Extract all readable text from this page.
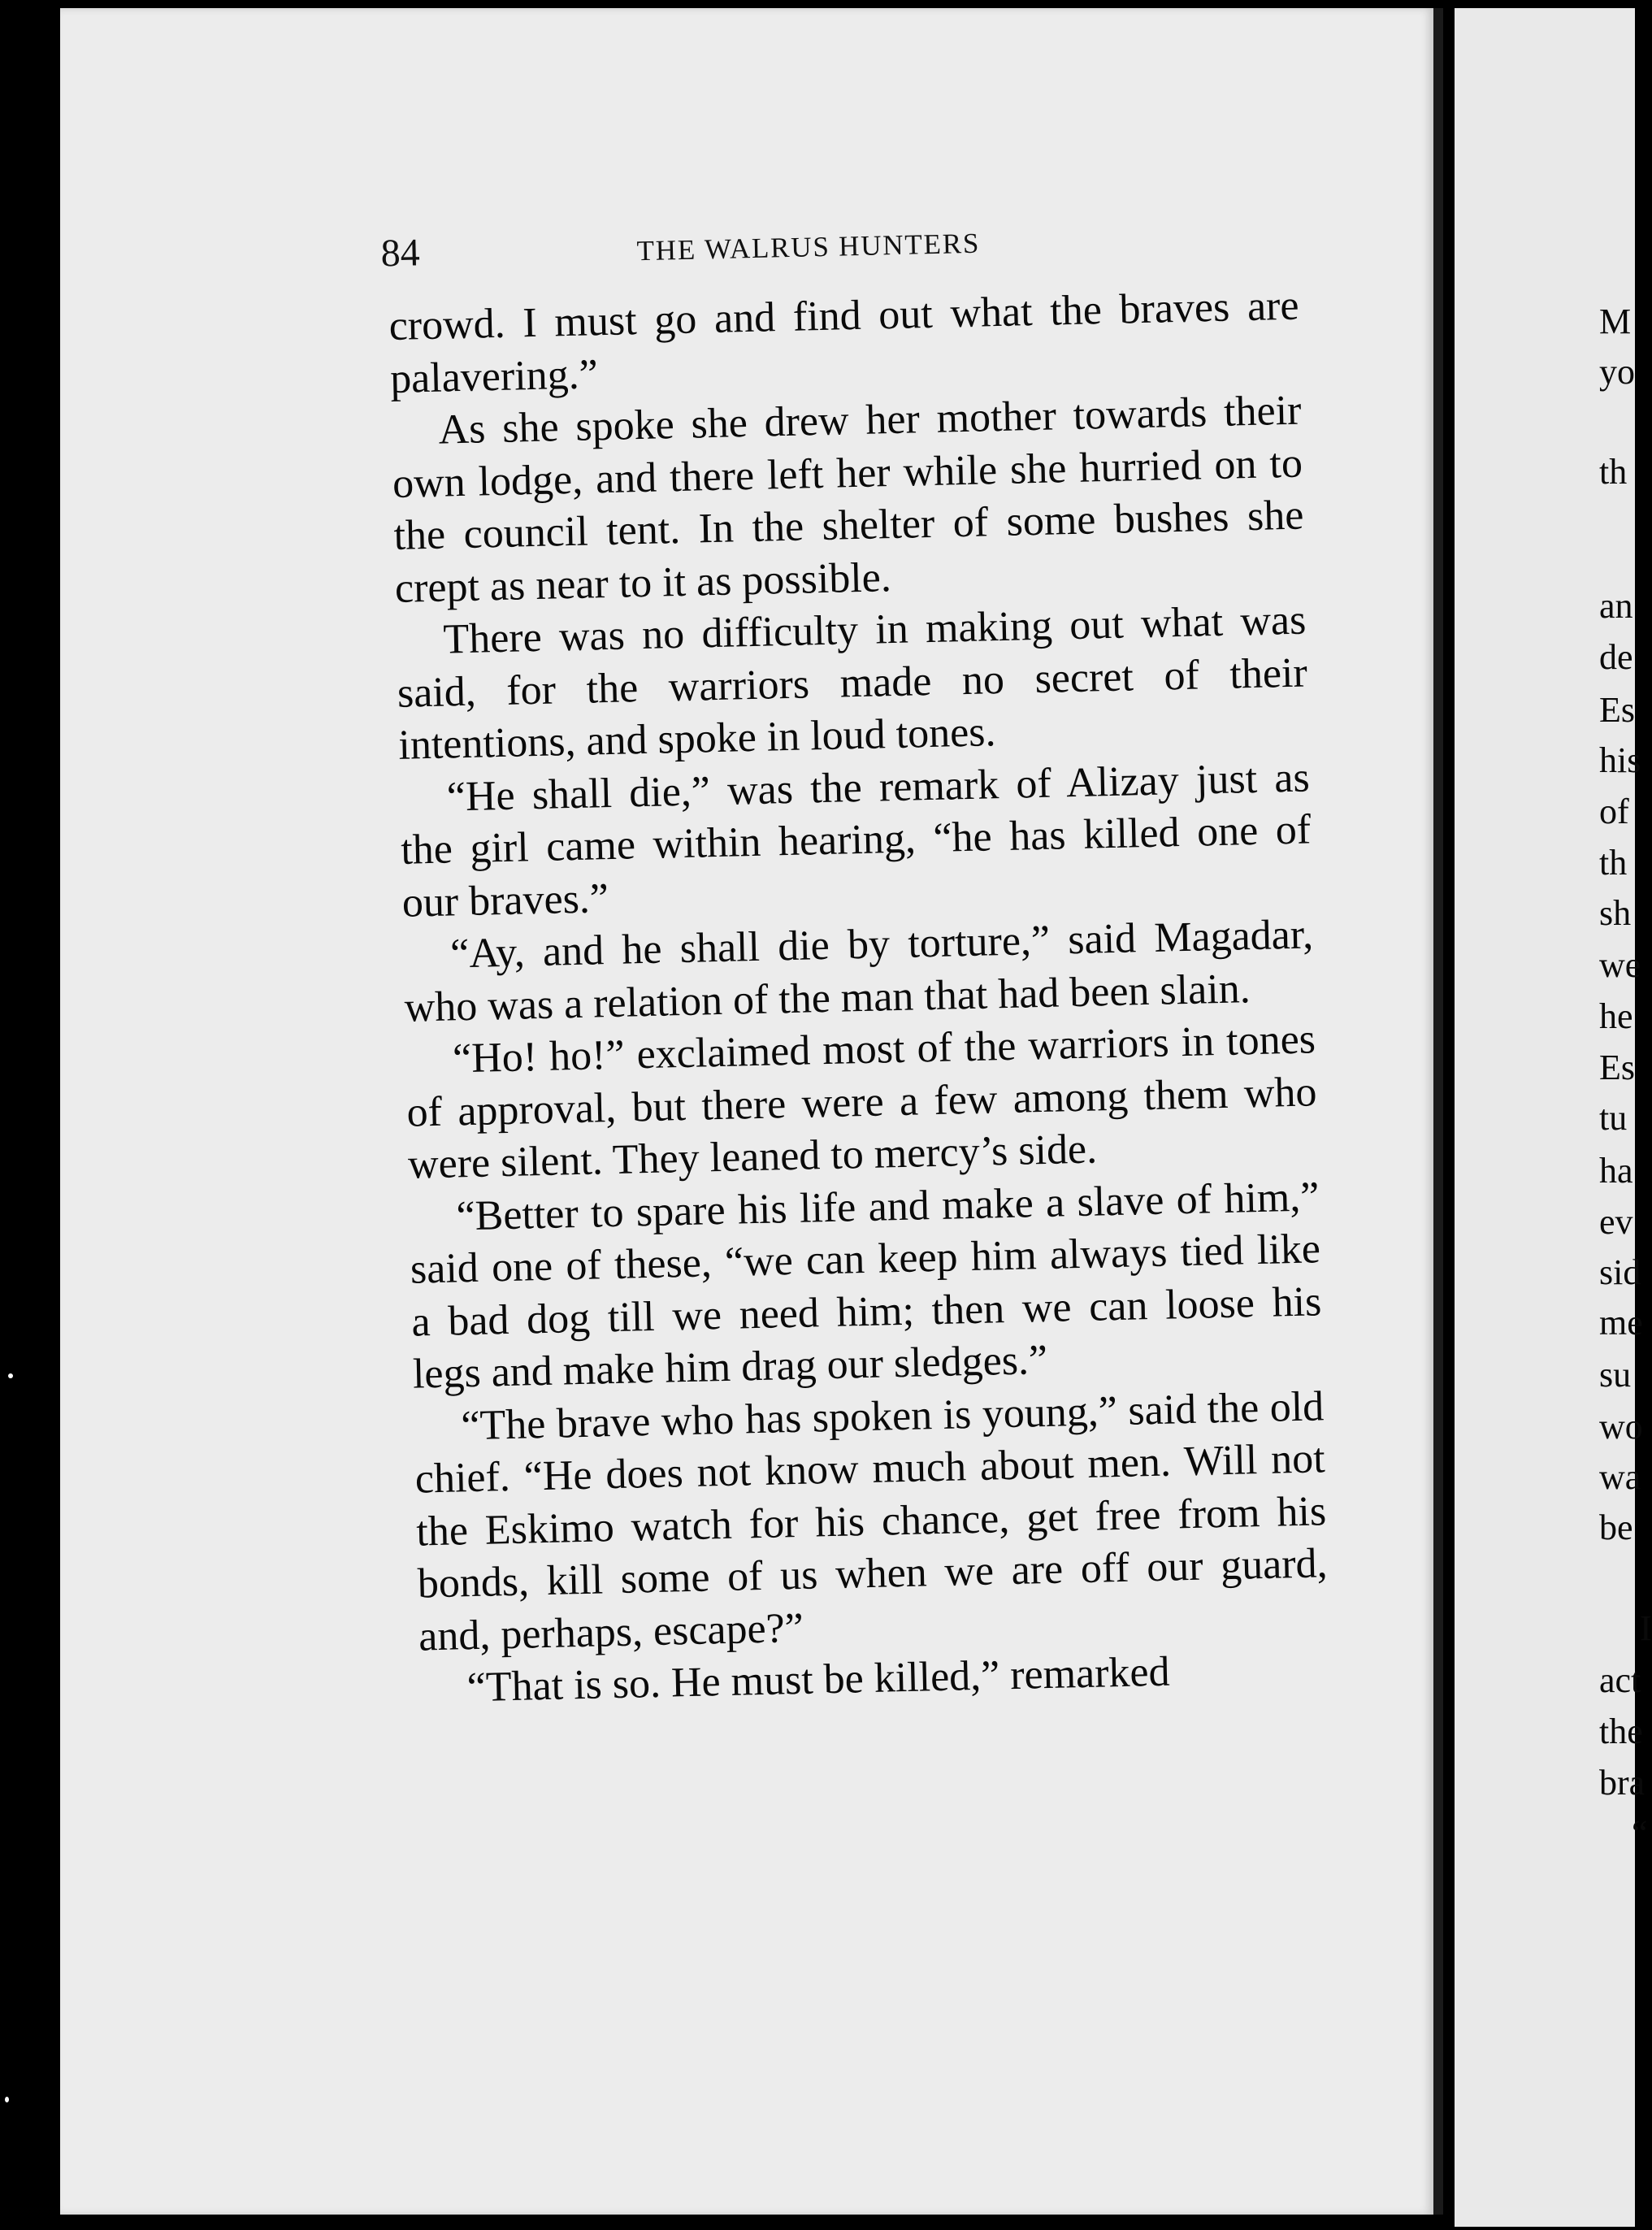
84	THE WALRUS HUNTERS

crowd. I must go and find out what the braves are palavering.”

As she spoke she drew her mother towards their own lodge, and there left her while she hurried on to the council tent. In the shelter of some bushes she crept as near to it as possible.

There was no difficulty in making out what was said, for the warriors made no secret of their intentions, and spoke in loud tones.

“He shall die,” was the remark of Alizay just as the girl came within hearing, “he has killed one of our braves.”

“Ay, and he shall die by torture,” said Magadar, who was a relation of the man that had been slain.

“Ho! ho!” exclaimed most of the warriors in tones of approval, but there were a few among them who were silent. They leaned to mercy’s side.

“Better to spare his life and make a slave of him,” said one of these, “we can keep him always tied like a bad dog till we need him; then we can loose his legs and make him drag our sledges.”

“The brave who has spoken is young,” said the old chief. “He does not know much about men. Will not the Eskimo watch for his chance, get free from his bonds, kill some of us when we are off our guard, and, perhaps, escape?”

“That is so. He must be killed,” remarked

M
yo
th
an
de
Es
his
of
th
sh
we
he
Es
tu
ha
ev
sid
me
su
wo
wa
be
I
act
the
bra
“
